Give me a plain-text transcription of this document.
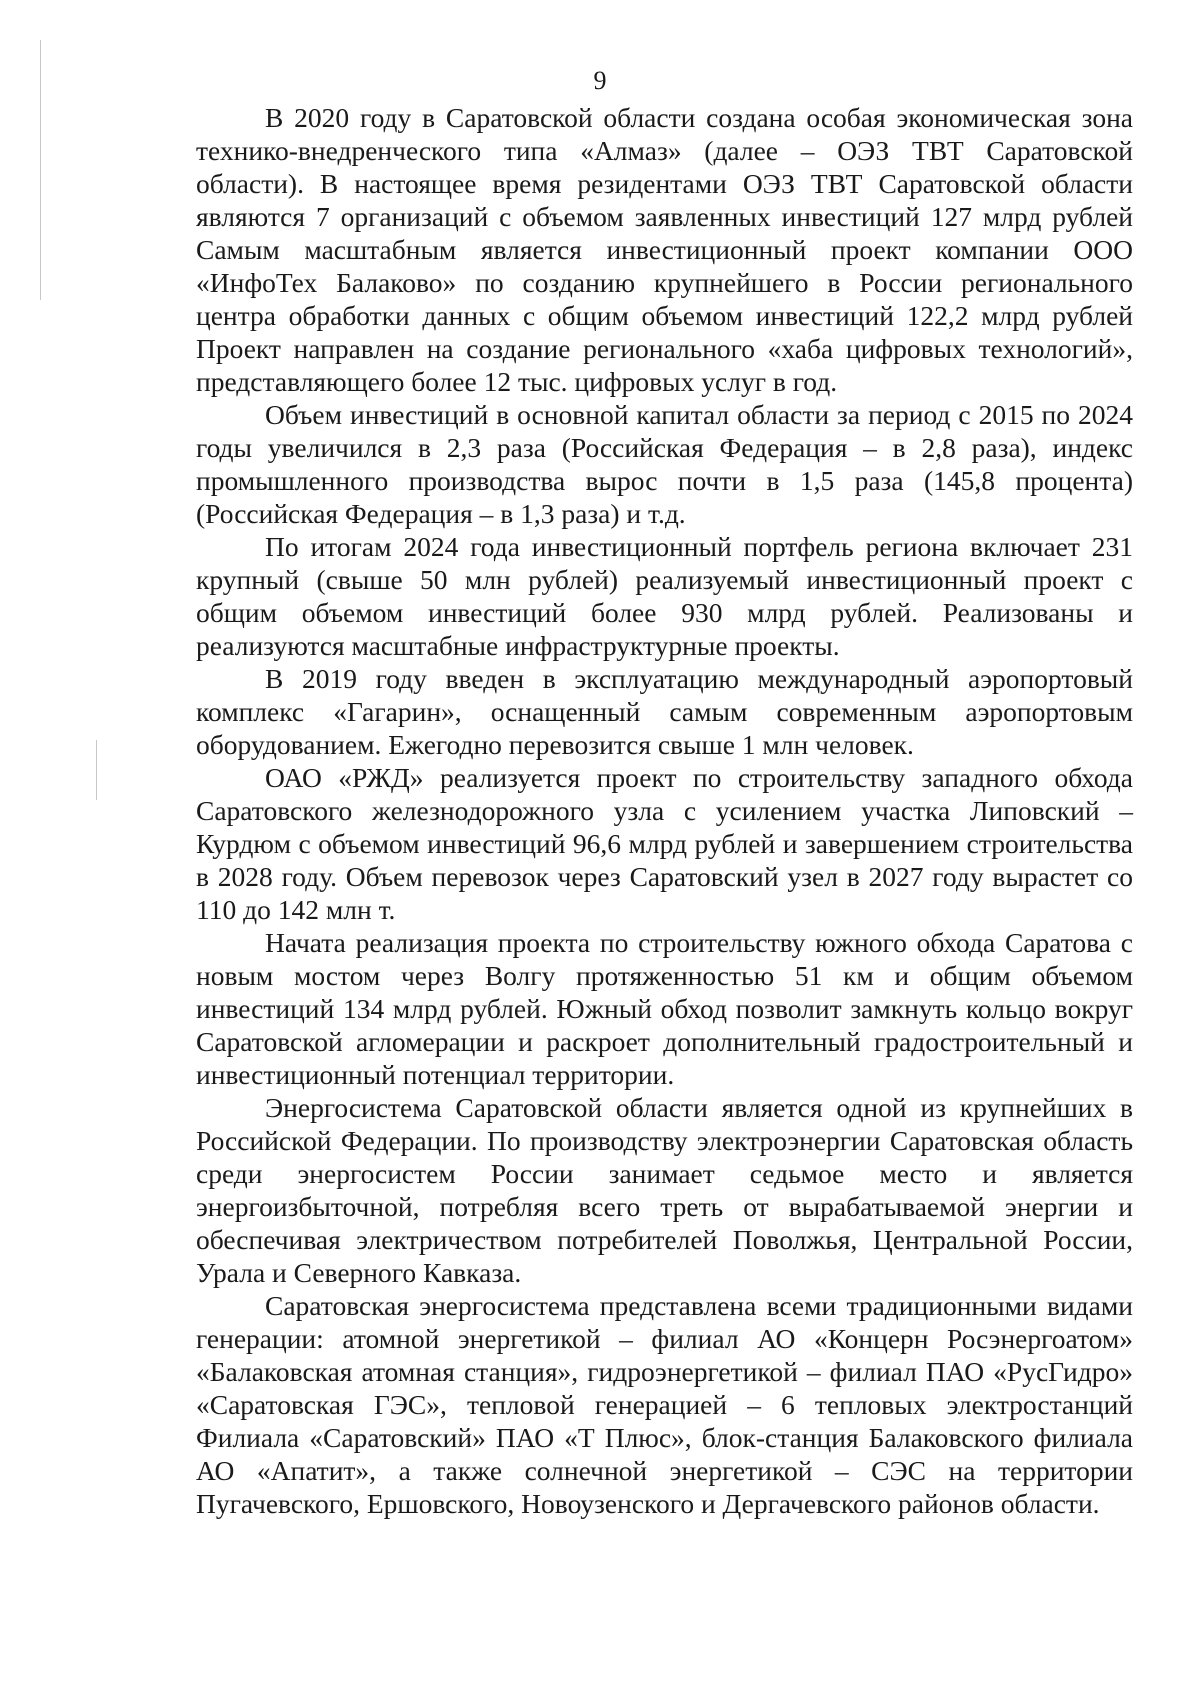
9

В 2020 году в Саратовской области создана особая экономическая зона технико-внедренческого типа «Алмаз» (далее – ОЭЗ ТВТ Саратовской области). В настоящее время резидентами ОЭЗ ТВТ Саратовской области являются 7 организаций с объемом заявленных инвестиций 127 млрд рублей Самым масштабным является инвестиционный проект компании ООО «ИнфоТех Балаково» по созданию крупнейшего в России регионального центра обработки данных с общим объемом инвестиций 122,2 млрд рублей Проект направлен на создание регионального «хаба цифровых технологий», представляющего более 12 тыс. цифровых услуг в год.

Объем инвестиций в основной капитал области за период с 2015 по 2024 годы увеличился в 2,3 раза (Российская Федерация – в 2,8 раза), индекс промышленного производства вырос почти в 1,5 раза (145,8 процента) (Российская Федерация – в 1,3 раза) и т.д.

По итогам 2024 года инвестиционный портфель региона включает 231 крупный (свыше 50 млн рублей) реализуемый инвестиционный проект с общим объемом инвестиций более 930 млрд рублей. Реализованы и реализуются масштабные инфраструктурные проекты.

В 2019 году введен в эксплуатацию международный аэропортовый комплекс «Гагарин», оснащенный самым современным аэропортовым оборудованием. Ежегодно перевозится свыше 1 млн человек.

ОАО «РЖД» реализуется проект по строительству западного обхода Саратовского железнодорожного узла с усилением участка Липовский – Курдюм с объемом инвестиций 96,6 млрд рублей и завершением строительства в 2028 году. Объем перевозок через Саратовский узел в 2027 году вырастет со 110 до 142 млн т.

Начата реализация проекта по строительству южного обхода Саратова с новым мостом через Волгу протяженностью 51 км и общим объемом инвестиций 134 млрд рублей. Южный обход позволит замкнуть кольцо вокруг Саратовской агломерации и раскроет дополнительный градостроительный и инвестиционный потенциал территории.

Энергосистема Саратовской области является одной из крупнейших в Российской Федерации. По производству электроэнергии Саратовская область среди энергосистем России занимает седьмое место и является энергоизбыточной, потребляя всего треть от вырабатываемой энергии и обеспечивая электричеством потребителей Поволжья, Центральной России, Урала и Северного Кавказа.

Саратовская энергосистема представлена всеми традиционными видами генерации: атомной энергетикой – филиал АО «Концерн Росэнергоатом» «Балаковская атомная станция», гидроэнергетикой – филиал ПАО «РусГидро» «Саратовская ГЭС», тепловой генерацией – 6 тепловых электростанций Филиала «Саратовский» ПАО «Т Плюс», блок-станция Балаковского филиала АО «Апатит», а также солнечной энергетикой – СЭС на территории Пугачевского, Ершовского, Новоузенского и Дергачевского районов области.
